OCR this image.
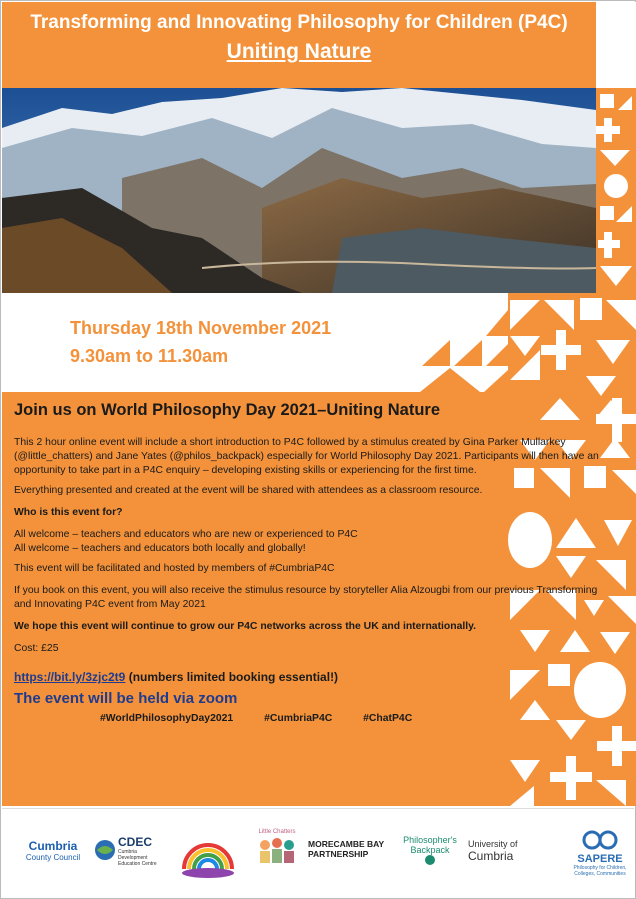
Transforming and Innovating Philosophy for Children (P4C)
Uniting Nature
Thursday 18th November 2021
9.30am to 11.30am
Join us on World Philosophy Day 2021–Uniting Nature

This 2 hour online event will include a short introduction to P4C followed by a stimulus created by Gina Parker Mullarkey (@little_chatters) and Jane Yates (@philos_backpack) especially for World Philosophy Day 2021. Participants will then have an opportunity to take part in a P4C enquiry – developing existing skills or experiencing for the first time.

Everything presented and created at the event will be shared with attendees as a classroom resource.

Who is this event for?

All welcome – teachers and educators who are new or experienced to P4C
All welcome – teachers and educators both locally and globally!

This event will be facilitated and hosted by members of #CumbriaP4C

If you book on this event, you will also receive the stimulus resource by storyteller Alia Alzougbi from our previous Transforming and Innovating P4C event from May 2021

We hope this event will continue to grow our P4C networks across the UK and internationally.

Cost: £25

https://bit.ly/3zjc2t9 (numbers limited booking essential!)
The event will be held via zoom
#WorldPhilosophyDay2021	#CumbriaP4C	#ChatP4C
Cumbria
County Council
CDEC
Cumbria Development Education Centre
Little Chatters
MORECAMBE BAY
PARTNERSHIP
Philosopher's
Backpack
University of
Cumbria	SAPERE
Philosophy for Children, Colleges, Communities
